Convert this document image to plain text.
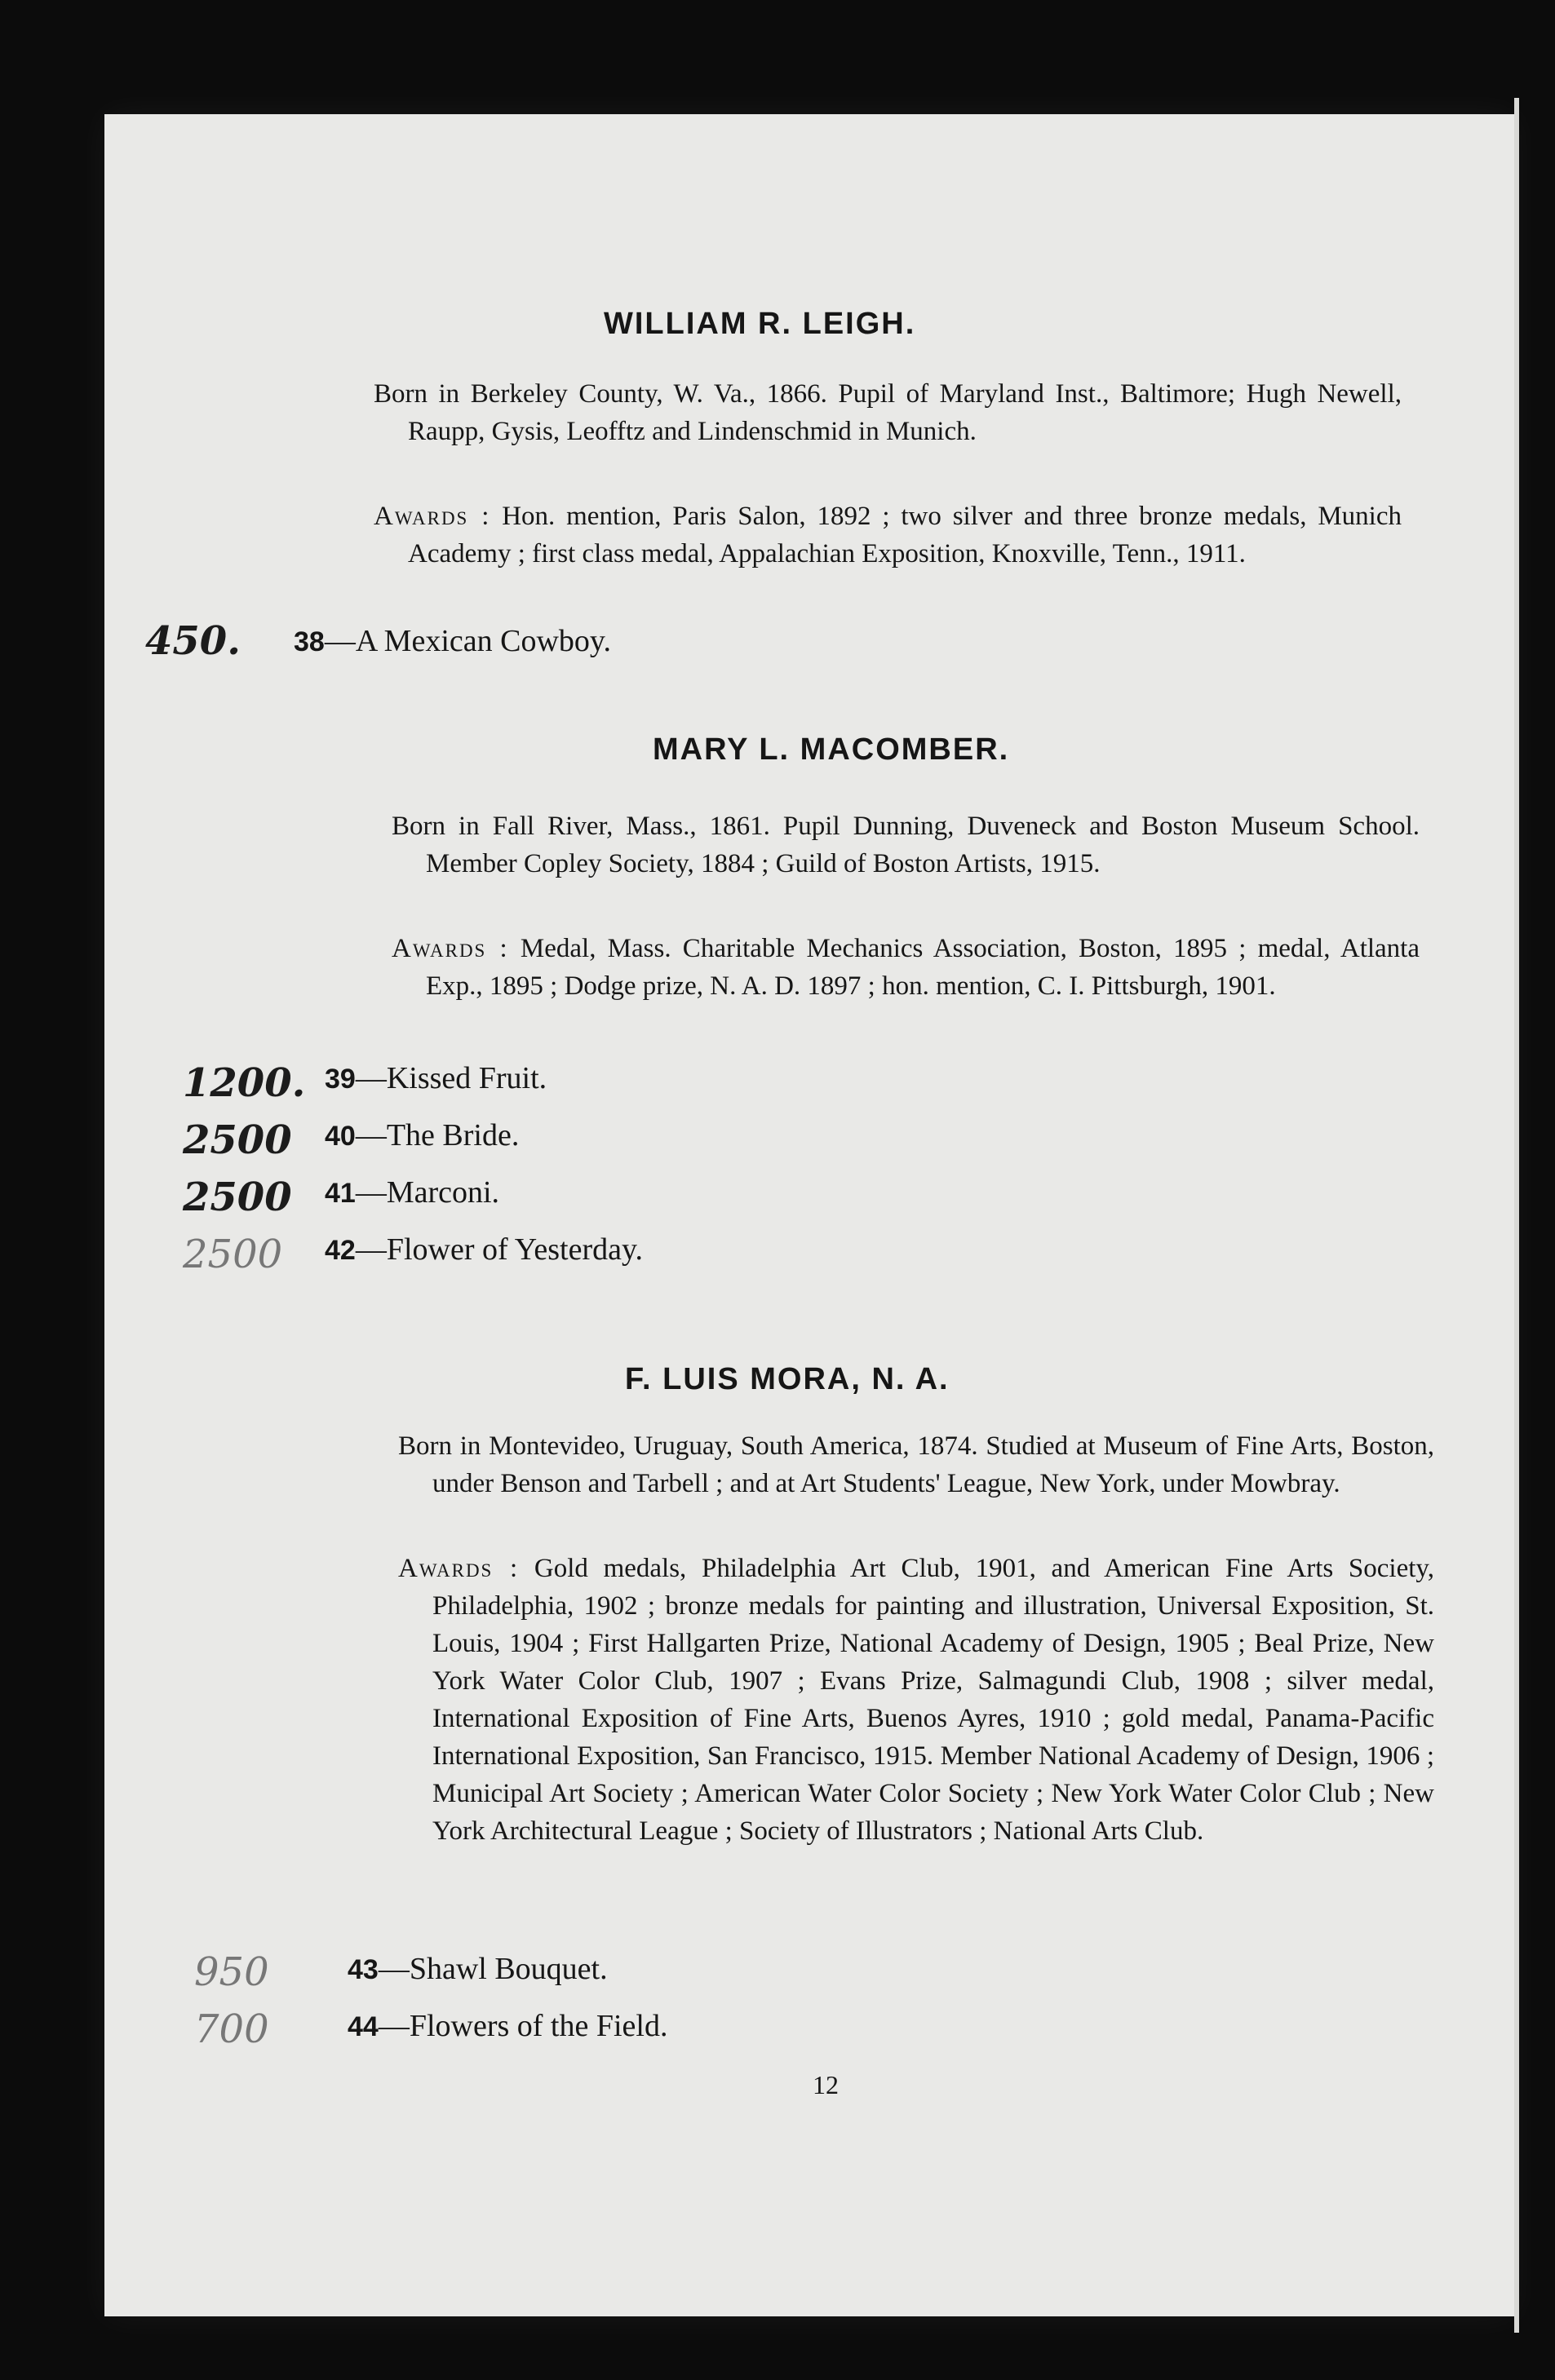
WILLIAM R. LEIGH.
Born in Berkeley County, W. Va., 1866. Pupil of Maryland Inst., Baltimore; Hugh Newell, Raupp, Gysis, Leofftz and Lindenschmid in Munich.
Awards : Hon. mention, Paris Salon, 1892 ; two silver and three bronze medals, Munich Academy ; first class medal, Appalachian Exposition, Knoxville, Tenn., 1911.
450. 38—A Mexican Cowboy.
MARY L. MACOMBER.
Born in Fall River, Mass., 1861. Pupil Dunning, Duveneck and Boston Museum School. Member Copley Society, 1884 ; Guild of Boston Artists, 1915.
Awards : Medal, Mass. Charitable Mechanics Association, Boston, 1895 ; medal, Atlanta Exp., 1895 ; Dodge prize, N. A. D. 1897 ; hon. mention, C. I. Pittsburgh, 1901.
1200. 39—Kissed Fruit.
2500 40—The Bride.
2500 41—Marconi.
2500 42—Flower of Yesterday.
F. LUIS MORA, N. A.
Born in Montevideo, Uruguay, South America, 1874. Studied at Museum of Fine Arts, Boston, under Benson and Tarbell ; and at Art Students' League, New York, under Mowbray.
Awards : Gold medals, Philadelphia Art Club, 1901, and American Fine Arts Society, Philadelphia, 1902 ; bronze medals for painting and illustration, Universal Exposition, St. Louis, 1904 ; First Hallgarten Prize, National Academy of Design, 1905 ; Beal Prize, New York Water Color Club, 1907 ; Evans Prize, Salmagundi Club, 1908 ; silver medal, International Exposition of Fine Arts, Buenos Ayres, 1910 ; gold medal, Panama-Pacific International Exposition, San Francisco, 1915. Member National Academy of Design, 1906 ; Municipal Art Society ; American Water Color Society ; New York Water Color Club ; New York Architectural League ; Society of Illustrators ; National Arts Club.
950	43—Shawl Bouquet.
700	44—Flowers of the Field.
12
